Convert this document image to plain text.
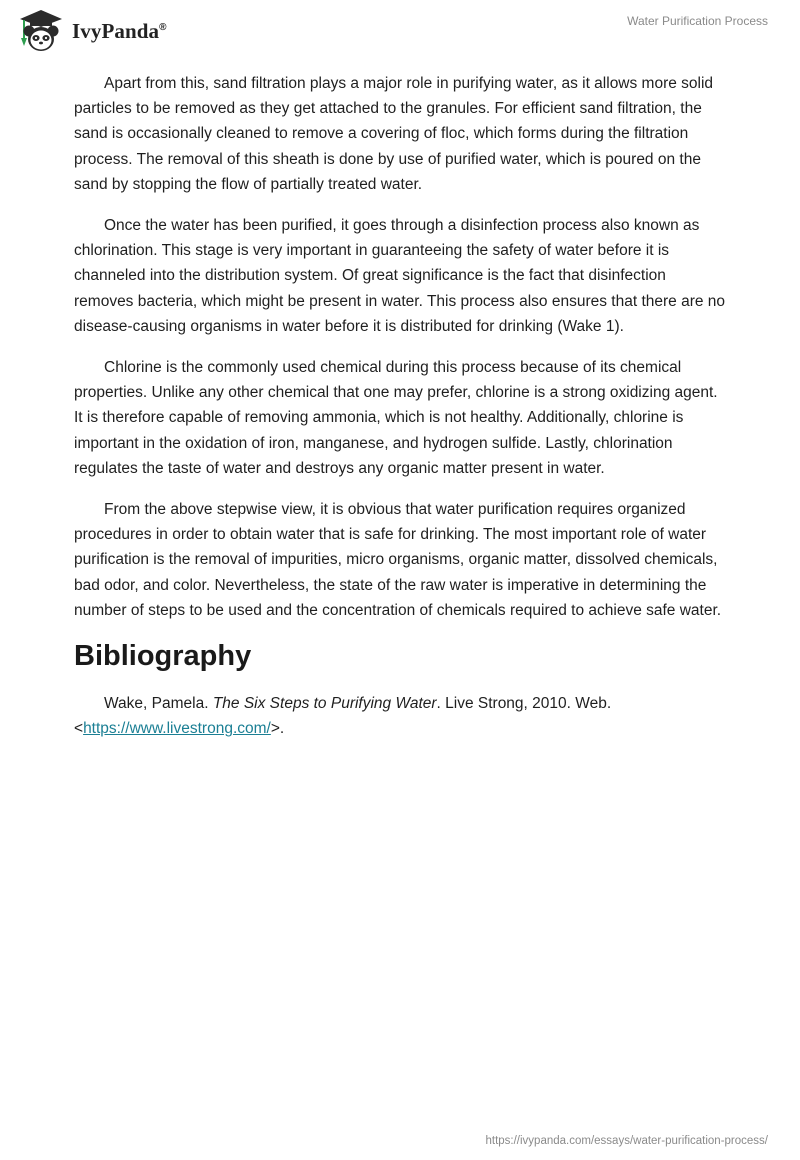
IvyPanda®	Water Purification Process

Apart from this, sand filtration plays a major role in purifying water, as it allows more solid particles to be removed as they get attached to the granules. For efficient sand filtration, the sand is occasionally cleaned to remove a covering of floc, which forms during the filtration process. The removal of this sheath is done by use of purified water, which is poured on the sand by stopping the flow of partially treated water.

Once the water has been purified, it goes through a disinfection process also known as chlorination. This stage is very important in guaranteeing the safety of water before it is channeled into the distribution system. Of great significance is the fact that disinfection removes bacteria, which might be present in water. This process also ensures that there are no disease-causing organisms in water before it is distributed for drinking (Wake 1).

Chlorine is the commonly used chemical during this process because of its chemical properties. Unlike any other chemical that one may prefer, chlorine is a strong oxidizing agent. It is therefore capable of removing ammonia, which is not healthy. Additionally, chlorine is important in the oxidation of iron, manganese, and hydrogen sulfide. Lastly, chlorination regulates the taste of water and destroys any organic matter present in water.

From the above stepwise view, it is obvious that water purification requires organized procedures in order to obtain water that is safe for drinking. The most important role of water purification is the removal of impurities, micro organisms, organic matter, dissolved chemicals, bad odor, and color. Nevertheless, the state of the raw water is imperative in determining the number of steps to be used and the concentration of chemicals required to achieve safe water.

Bibliography

Wake, Pamela. The Six Steps to Purifying Water. Live Strong, 2010. Web. <https://www.livestrong.com/>.

https://ivypanda.com/essays/water-purification-process/
